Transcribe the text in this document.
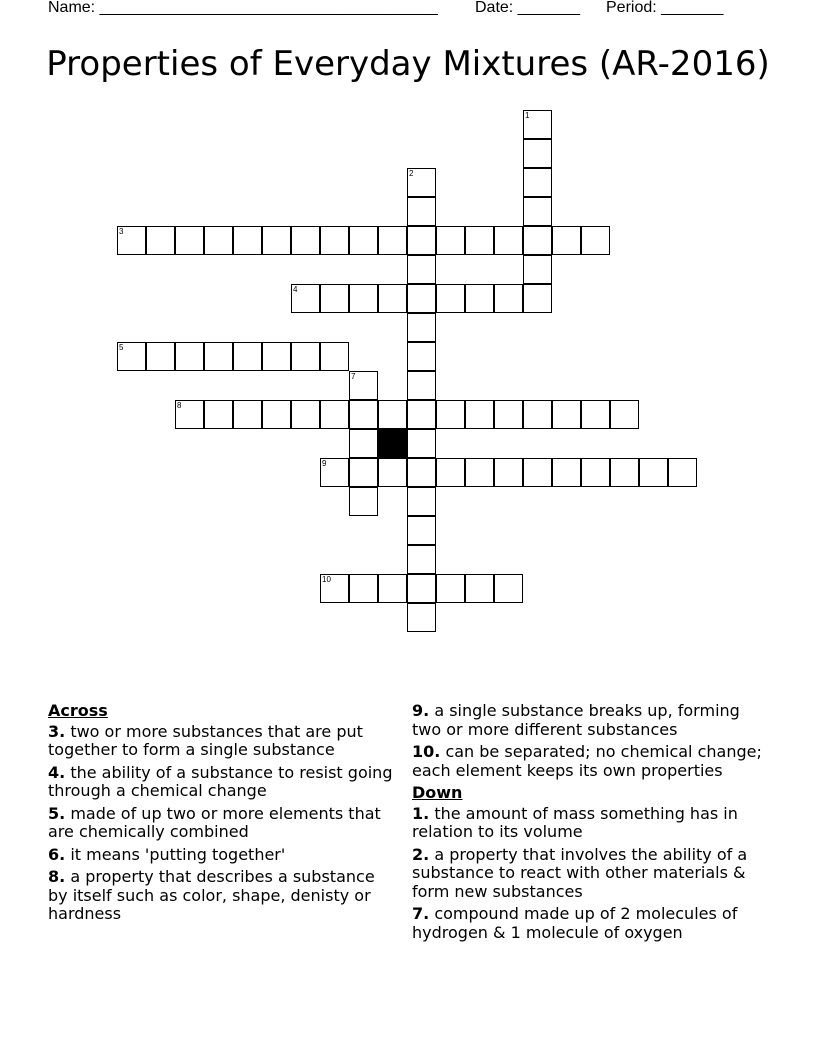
Name: ______________________________________ Date: _______ Period: _______
Properties of Everyday Mixtures (AR-2016)
1
2
3
4
5
7
8
9
10
Across
3. two or more substances that are put together to form a single substance
4. the ability of a substance to resist going through a chemical change
5. made of up two or more elements that are chemically combined
6. it means 'putting together'
8. a property that describes a substance by itself such as color, shape, denisty or hardness
9. a single substance breaks up, forming two or more different substances
10. can be separated; no chemical change; each element keeps its own properties
Down
1. the amount of mass something has in relation to its volume
2. a property that involves the ability of a substance to react with other materials & form new substances
7. compound made up of 2 molecules of hydrogen & 1 molecule of oxygen
